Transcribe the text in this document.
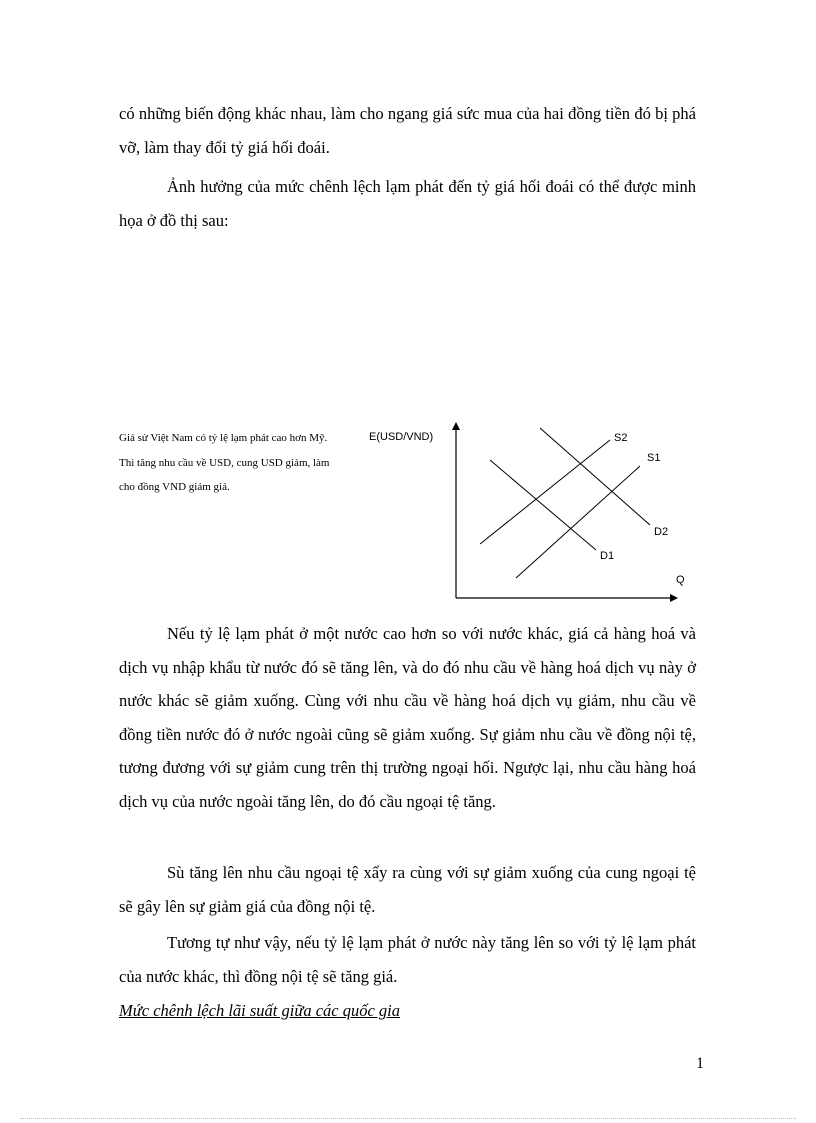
có những biến động khác nhau, làm cho ngang giá sức mua của hai đồng tiền đó bị phá vỡ, làm thay đổi tỷ giá hối đoái.

Ảnh hưởng của mức chênh lệch lạm phát đến tỷ giá hối đoái có thể được minh họa ở đồ thị sau:

Giả sử Việt Nam có tỷ lệ lạm phát cao hơn Mỹ. Thì tăng nhu cầu về USD, cung USD giảm, làm cho đồng VND giảm giá.

E(USD/VND)
Q
S2
S1
D2
D1

Nếu tỷ lệ lạm phát ở một nước cao hơn so với nước khác, giá cả hàng hoá và dịch vụ nhập khẩu từ nước đó sẽ tăng lên, và do đó nhu cầu về hàng hoá dịch vụ này ở nước khác sẽ giảm xuống. Cùng với nhu cầu về hàng hoá dịch vụ giảm, nhu cầu về đồng tiền nước đó ở nước ngoài cũng sẽ giảm xuống. Sự giảm nhu cầu về đồng nội tệ, tương đương với sự giảm cung trên thị trường ngoại hối. Ngược lại, nhu cầu hàng hoá dịch vụ của nước ngoài tăng lên, do đó cầu ngoại tệ tăng.

Sù tăng lên nhu cầu ngoại tệ xẩy ra cùng với sự giảm xuống của cung ngoại tệ sẽ gây lên sự giảm giá của đồng nội tệ.

Tương tự như vậy, nếu tỷ lệ lạm phát ở nước này tăng lên so với tỷ lệ lạm phát của nước khác, thì đồng nội tệ sẽ tăng giá.

Mức chênh lệch lãi suất giữa các quốc gia

1
